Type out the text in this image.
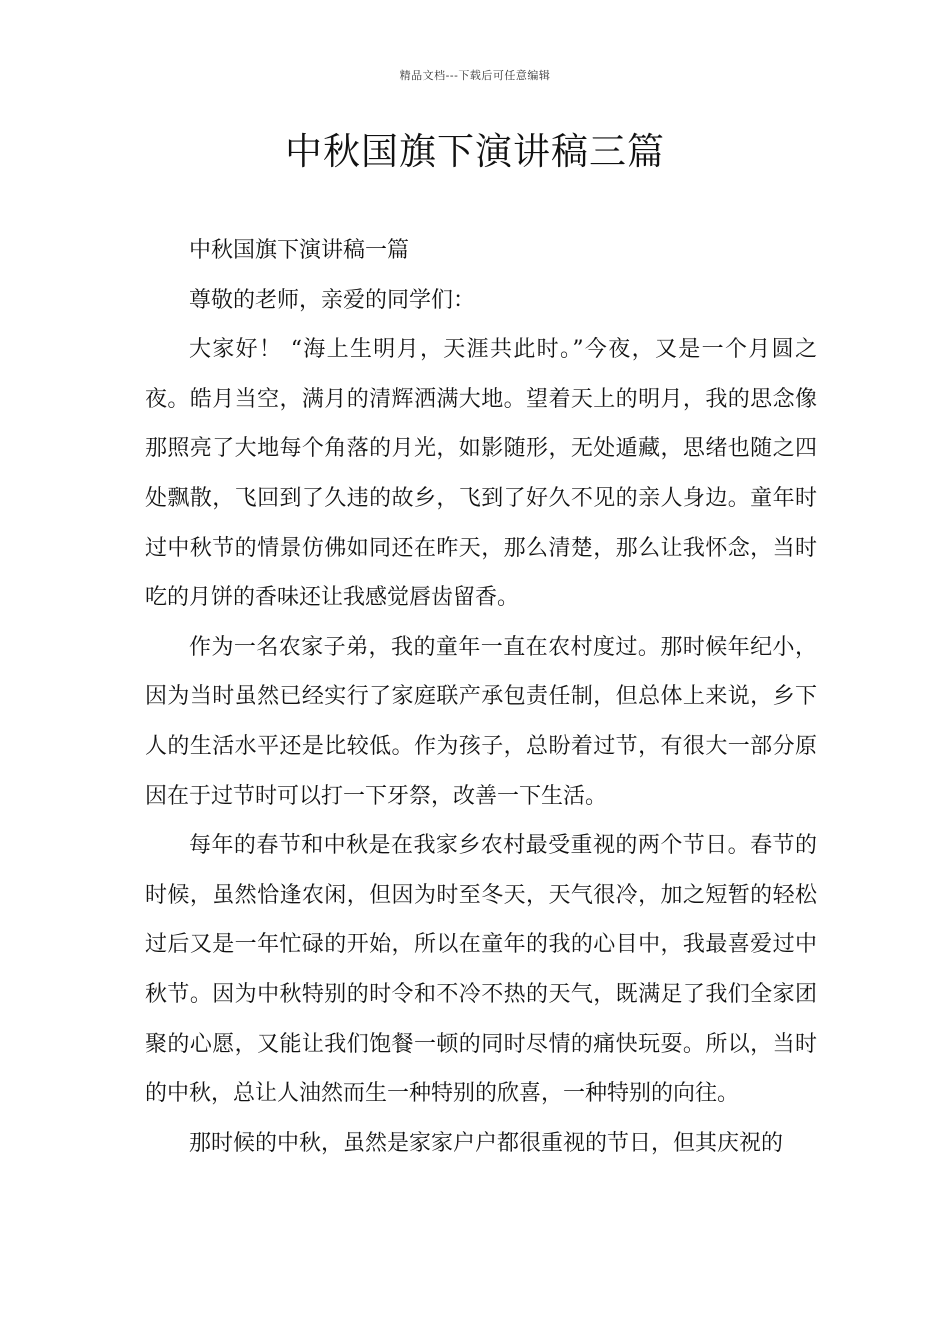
精品文档---下载后可任意编辑
中秋国旗下演讲稿三篇

中秋国旗下演讲稿一篇

尊敬的老师，亲爱的同学们：

大家好！ “海上生明月，天涯共此时。”今夜，又是一个月圆之夜。皓月当空，满月的清辉洒满大地。望着天上的明月，我的思念像那照亮了大地每个角落的月光，如影随形，无处遁藏，思绪也随之四处飘散，飞回到了久违的故乡，飞到了好久不见的亲人身边。童年时过中秋节的情景仿佛如同还在昨天，那么清楚，那么让我怀念，当时吃的月饼的香味还让我感觉唇齿留香。

作为一名农家子弟，我的童年一直在农村度过。那时候年纪小，因为当时虽然已经实行了家庭联产承包责任制，但总体上来说，乡下人的生活水平还是比较低。作为孩子，总盼着过节，有很大一部分原因在于过节时可以打一下牙祭，改善一下生活。

每年的春节和中秋是在我家乡农村最受重视的两个节日。春节的时候，虽然恰逢农闲，但因为时至冬天，天气很冷，加之短暂的轻松过后又是一年忙碌的开始，所以在童年的我的心目中，我最喜爱过中秋节。因为中秋特别的时令和不冷不热的天气，既满足了我们全家团聚的心愿，又能让我们饱餐一顿的同时尽情的痛快玩耍。所以，当时的中秋，总让人油然而生一种特别的欣喜，一种特别的向往。

那时候的中秋，虽然是家家户户都很重视的节日，但其庆祝的
